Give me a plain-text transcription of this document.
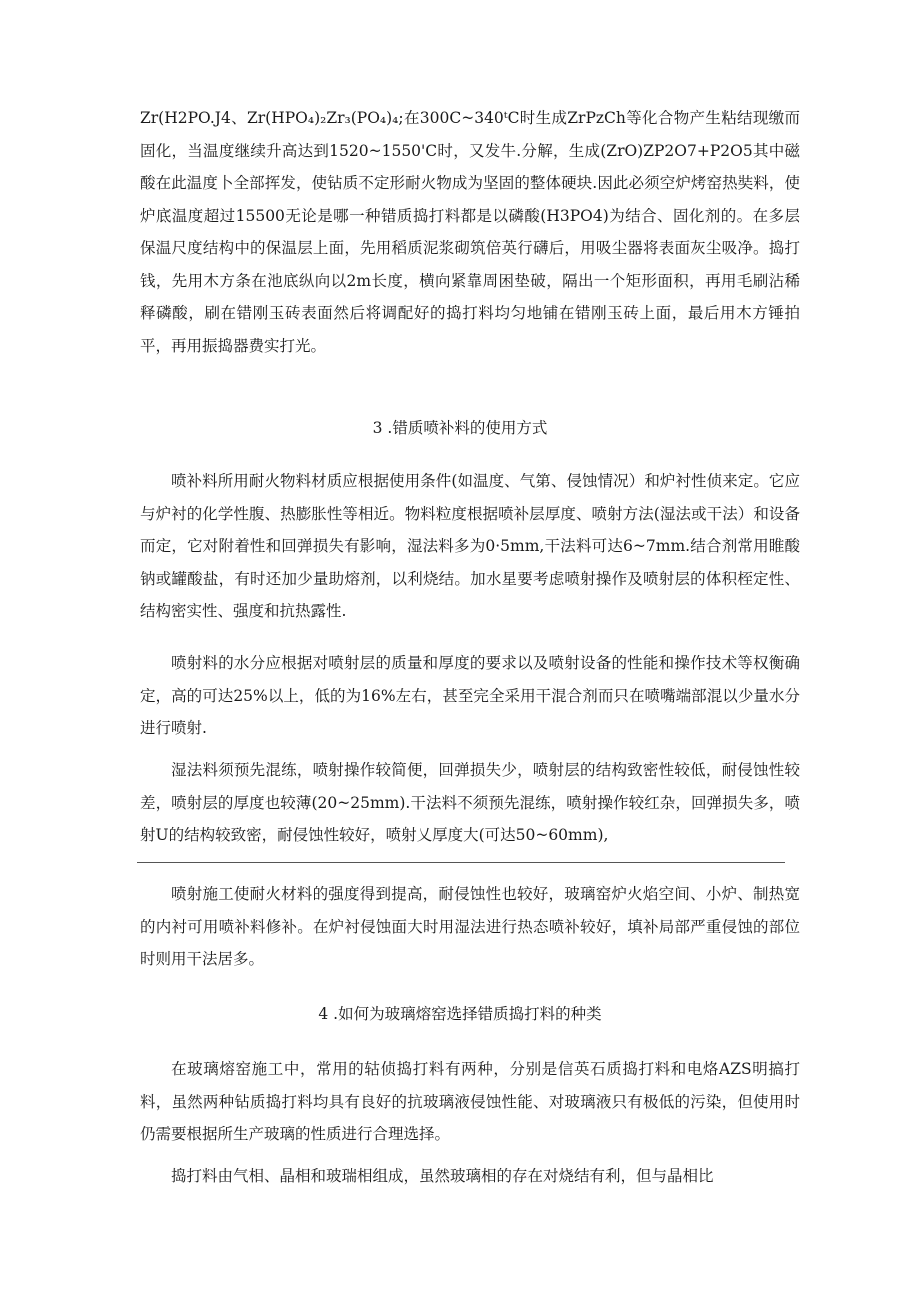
Zr(H2PO.J4、Zr(HPO₄)₂Zr₃(PO₄)₄;在300C~340ᵗC时生成ZrPzCh等化合物产生粘结现缴而固化，当温度继续升高达到1520~1550'C时，又发牛.分解，生成(ZrO)ZP2O7+P2O5其中磁酸在此温度卜全部挥发，使钻质不定形耐火物成为坚固的整体硬块.因此必须空炉烤窑热奘料，使炉底温度超过15500无论是哪一种错质捣打料都是以磷酸(H3PO4)为结合、固化剂的。在多层保温尺度结构中的保温层上面，先用稻质泥浆砌筑倍英行礴后，用吸尘器将表面灰尘吸净。捣打钱，先用木方条在池底纵向以2m长度，横向紧靠周困垫破，隔出一个矩形面积，再用毛刷沾稀释磷酸，刷在错刚玉砖表面然后将调配好的捣打料均匀地铺在错刚玉砖上面，最后用木方锤拍平，再用振捣器费实打光。

3 .错质喷补料的使用方式

喷补料所用耐火物料材质应根据使用条件(如温度、气第、侵蚀情况）和炉衬性侦来定。它应与炉衬的化学性腹、热膨胀性等相近。物料粒度根据喷补层厚度、喷射方法(湿法或干法）和设备而定，它对附着性和回弹损失有影响，湿法料多为0·5mm,干法料可达6~7mm.结合剂常用睢酸钠或罐酸盐，有时还加少量助熔剂，以利烧结。加水星要考虑喷射操作及喷射层的体积桎定性、结构密实性、强度和抗热露性.

喷射料的水分应根据对喷射层的质量和厚度的要求以及喷射设备的性能和操作技术等权衡确定，高的可达25%以上，低的为16%左右，甚至完全采用干混合剂而只在喷嘴端部混以少量水分进行喷射.

湿法料须预先混练，喷射操作较简便，回弹损失少，喷射层的结构致密性较低，耐侵蚀性较差，喷射层的厚度也较薄(20~25mm).干法料不须预先混练，喷射操作较红杂，回弹损失多，喷射U的结构较致密，耐侵蚀性较好，喷射乂厚度大(可达50~60mm),

喷射施工使耐火材料的强度得到提高，耐侵蚀性也较好，玻璃窑炉火焰空间、小炉、制热宽的内衬可用喷补料修补。在炉衬侵蚀面大时用湿法进行热态喷补较好，填补局部严重侵蚀的部位时则用干法居多。

4 .如何为玻璃熔窑选择错质捣打料的种类

在玻璃熔窑施工中，常用的轱侦捣打料有两种，分别是信英石质捣打料和电烙AZS明搞打料，虽然两种钻质捣打料均具有良好的抗玻璃液侵蚀性能、对玻璃液只有极低的污染，但使用时仍需要根据所生产玻璃的性质进行合理选择。

捣打料由气相、晶相和玻瑞相组成，虽然玻璃相的存在对烧结有利，但与晶相比
